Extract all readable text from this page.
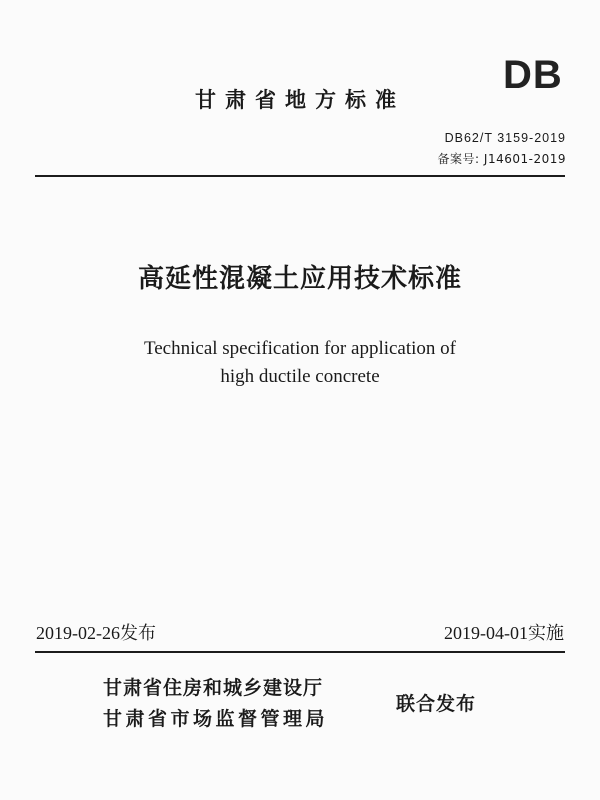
DB
甘肃省地方标准
DB62/T 3159-2019
备案号: J14601-2019
高延性混凝土应用技术标准
Technical specification for application of
high ductile concrete
2019-02-26发布	2019-04-01实施
甘肃省住房和城乡建设厅
甘肃省市场监督管理局
联合发布
